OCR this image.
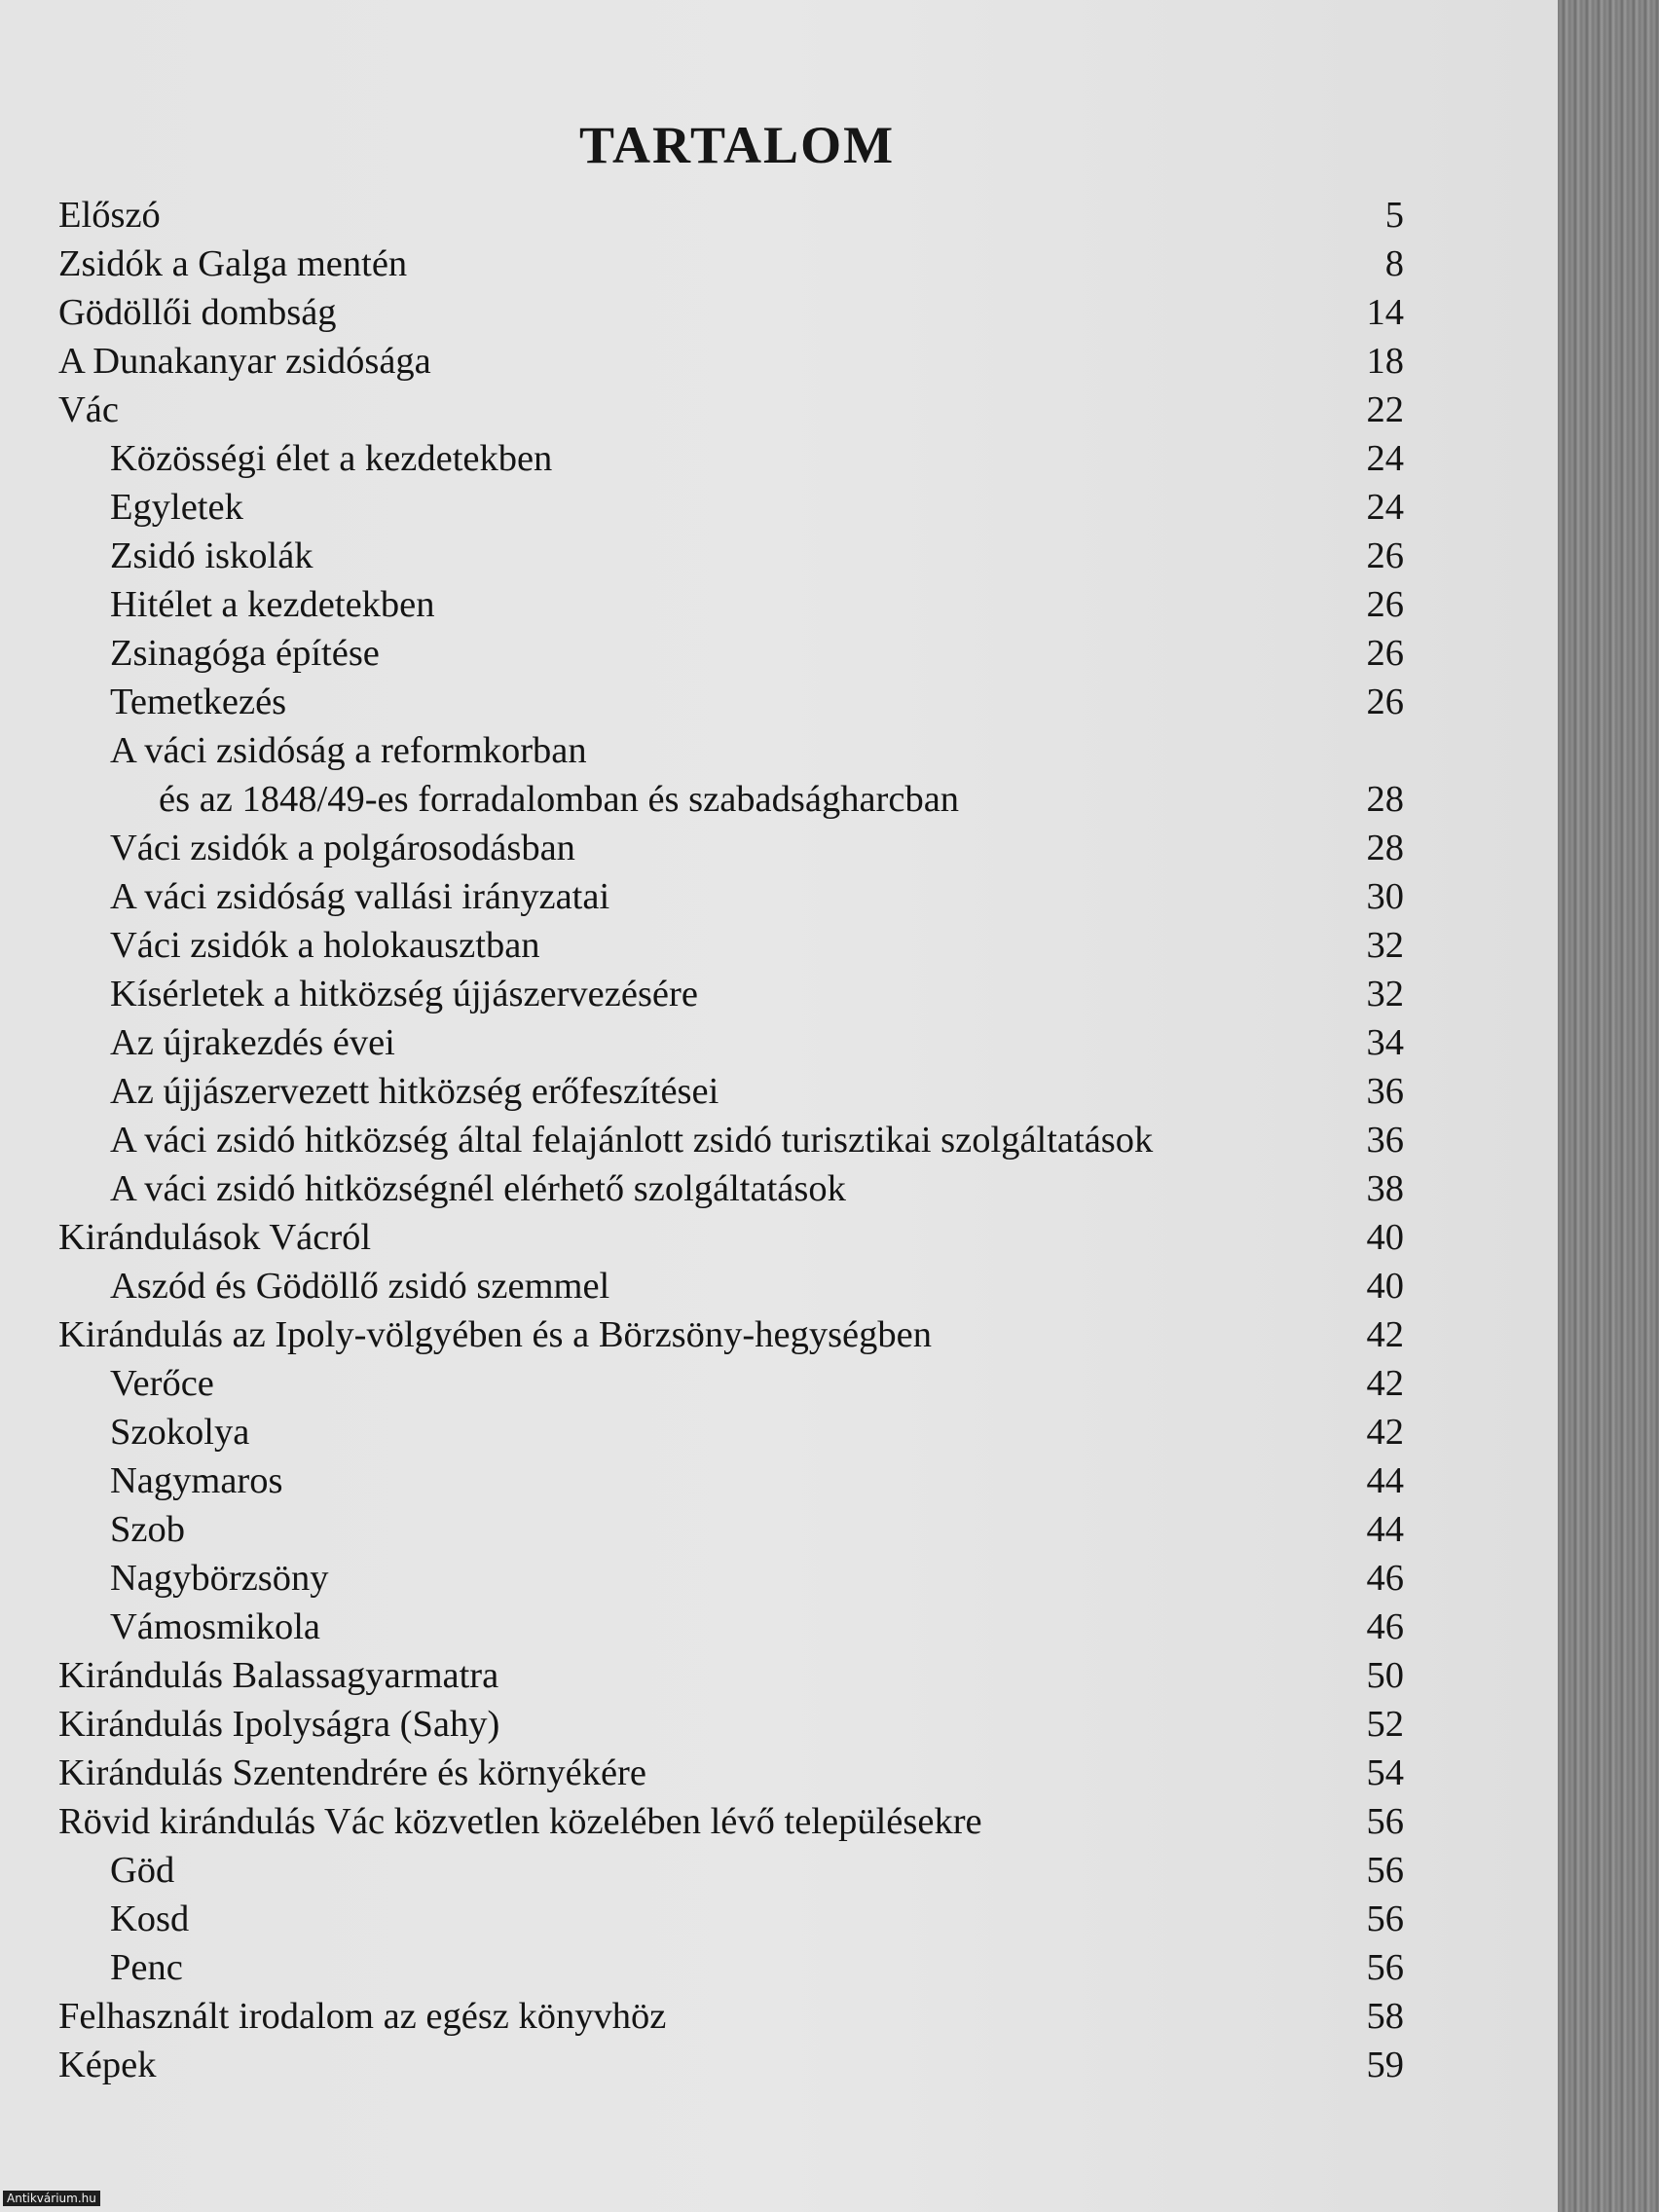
TARTALOM
Előszó	5
Zsidók a Galga mentén	8
Gödöllői dombság	14
A Dunakanyar zsidósága	18
Vác	22
Közösségi élet a kezdetekben	24
Egyletek	24
Zsidó iskolák	26
Hitélet a kezdetekben	26
Zsinagóga építése	26
Temetkezés	26
A váci zsidóság a reformkorban
és az 1848/49-es forradalomban és szabadságharcban	28
Váci zsidók a polgárosodásban	28
A váci zsidóság vallási irányzatai	30
Váci zsidók a holokausztban	32
Kísérletek a hitközség újjászervezésére	32
Az újrakezdés évei	34
Az újjászervezett hitközség erőfeszítései	36
A váci zsidó hitközség által felajánlott zsidó turisztikai szolgáltatások	36
A váci zsidó hitközségnél elérhető szolgáltatások	38
Kirándulások Vácról	40
Aszód és Gödöllő zsidó szemmel	40
Kirándulás az Ipoly-völgyében és a Börzsöny-hegységben	42
Verőce	42
Szokolya	42
Nagymaros	44
Szob	44
Nagybörzsöny	46
Vámosmikola	46
Kirándulás Balassagyarmatra	50
Kirándulás Ipolyságra (Sahy)	52
Kirándulás Szentendrére és környékére	54
Rövid kirándulás Vác közvetlen közelében lévő településekre	56
Göd	56
Kosd	56
Penc	56
Felhasznált irodalom az egész könyvhöz	58
Képek	59
Antikvárium.hu
